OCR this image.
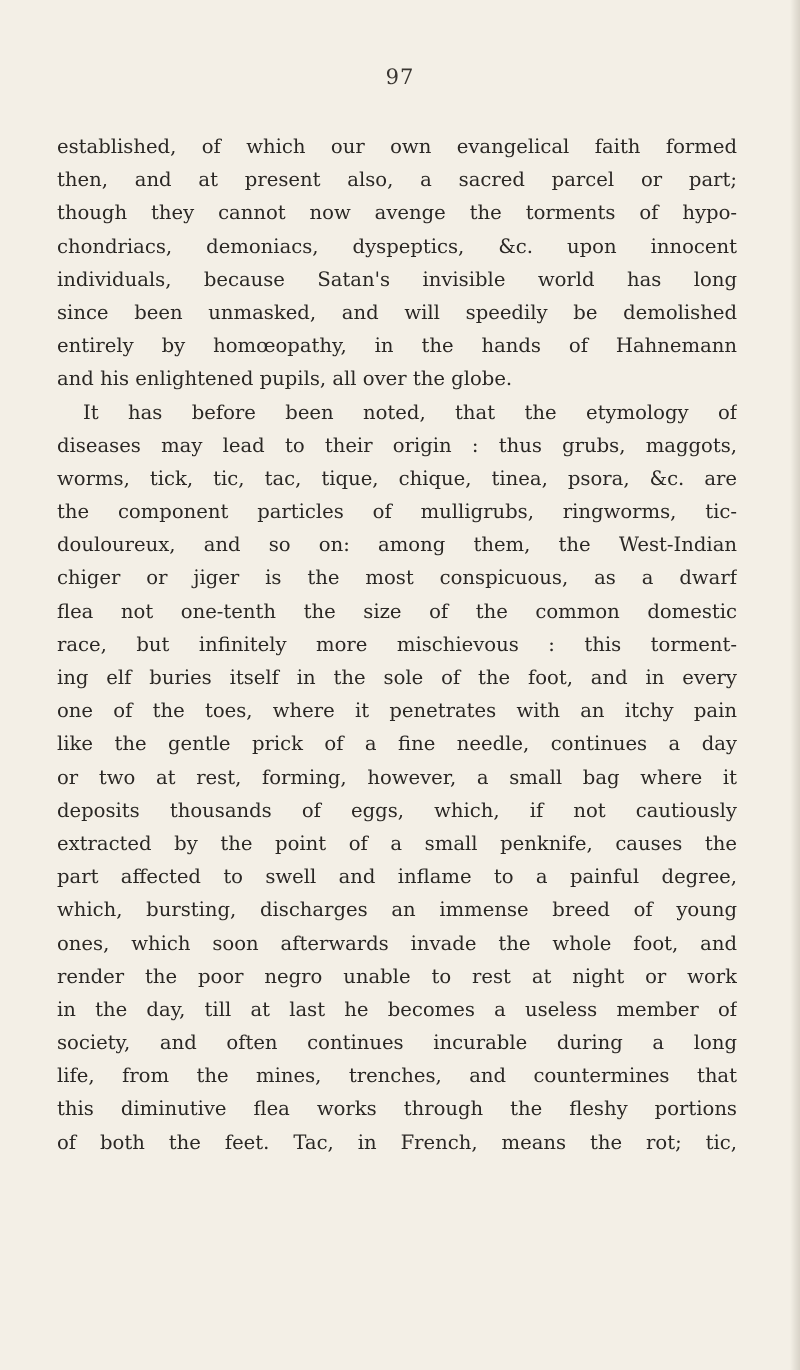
97
established, of which our own evangelical faith formed
then, and at present also, a sacred parcel or part;
though they cannot now avenge the torments of hypo-
chondriacs, demoniacs, dyspeptics, &c. upon innocent
individuals, because Satan's invisible world has long
since been unmasked, and will speedily be demolished
entirely by homœopathy, in the hands of Hahnemann
and his enlightened pupils, all over the globe.
It has before been noted, that the etymology of
diseases may lead to their origin : thus grubs, maggots,
worms, tick, tic, tac, tique, chique, tinea, psora, &c. are
the component particles of mulligrubs, ringworms, tic-
douloureux, and so on: among them, the West-Indian
chiger or jiger is the most conspicuous, as a dwarf
flea not one-tenth the size of the common domestic
race, but infinitely more mischievous : this torment-
ing elf buries itself in the sole of the foot, and in every
one of the toes, where it penetrates with an itchy pain
like the gentle prick of a fine needle, continues a day
or two at rest, forming, however, a small bag where it
deposits thousands of eggs, which, if not cautiously
extracted by the point of a small penknife, causes the
part affected to swell and inflame to a painful degree,
which, bursting, discharges an immense breed of young
ones, which soon afterwards invade the whole foot, and
render the poor negro unable to rest at night or work
in the day, till at last he becomes a useless member of
society, and often continues incurable during a long
life, from the mines, trenches, and countermines that
this diminutive flea works through the fleshy portions
of both the feet. Tac, in French, means the rot; tic,
